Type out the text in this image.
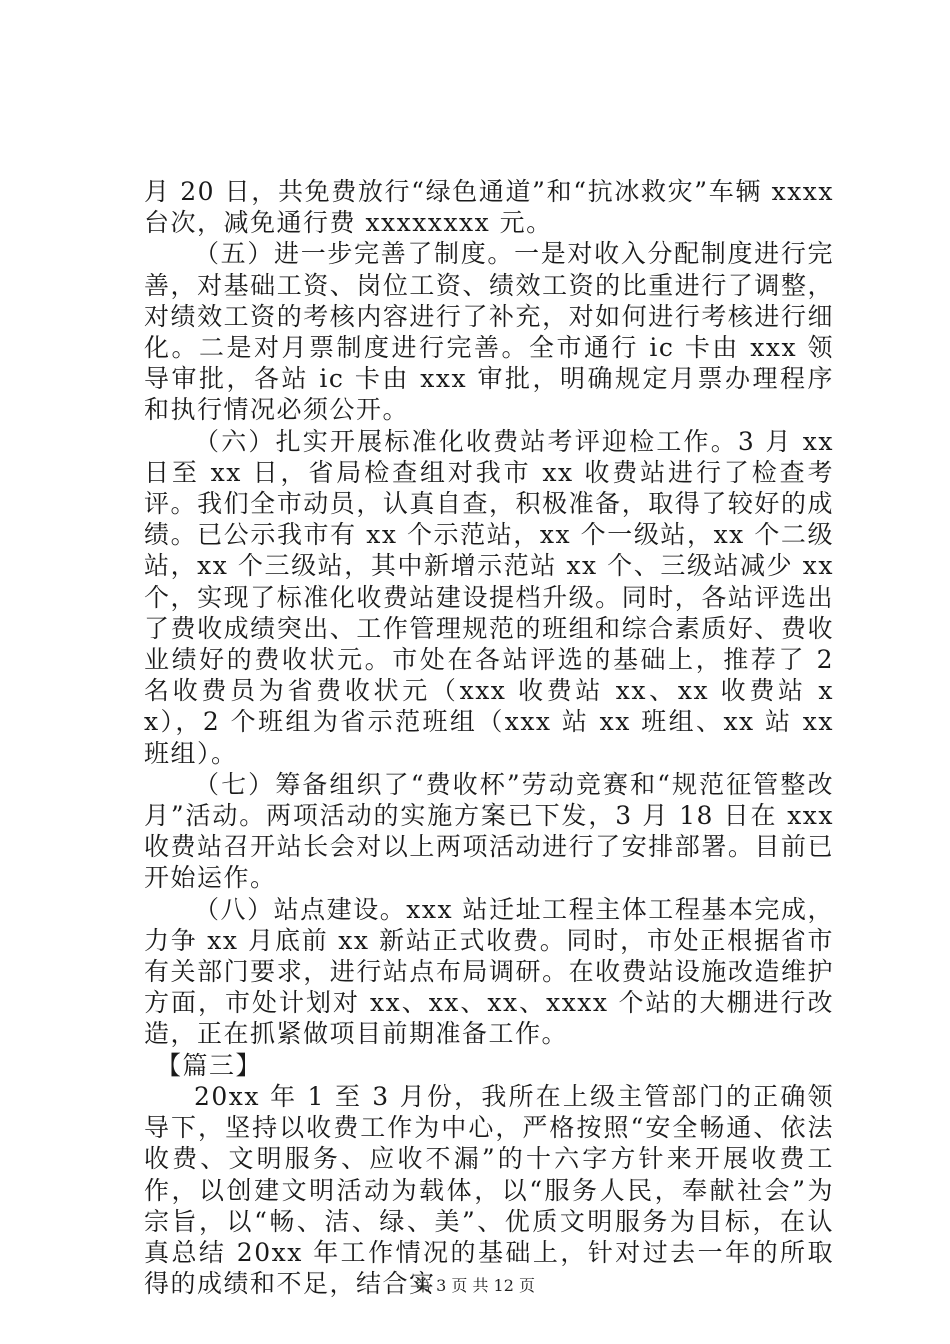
月 20 日，共免费放行“绿色通道”和“抗冰救灾”车辆 xxxx 台次，减免通行费 xxxxxxxx 元。

（五）进一步完善了制度。一是对收入分配制度进行完善，对基础工资、岗位工资、绩效工资的比重进行了调整，对绩效工资的考核内容进行了补充，对如何进行考核进行细化。二是对月票制度进行完善。全市通行 ic 卡由 xxx 领导审批，各站 ic 卡由 xxx 审批，明确规定月票办理程序和执行情况必须公开。

（六）扎实开展标准化收费站考评迎检工作。3 月 xx 日至 xx 日，省局检查组对我市 xx 收费站进行了检查考评。我们全市动员，认真自查，积极准备，取得了较好的成绩。已公示我市有 xx 个示范站，xx 个一级站，xx 个二级站，xx 个三级站，其中新增示范站 xx 个、三级站减少 xx 个，实现了标准化收费站建设提档升级。同时，各站评选出了费收成绩突出、工作管理规范的班组和综合素质好、费收业绩好的费收状元。市处在各站评选的基础上，推荐了 2 名收费员为省费收状元（xxx 收费站 xx、xx 收费站 xx），2 个班组为省示范班组（xxx 站 xx 班组、xx 站 xx 班组）。

（七）筹备组织了“费收杯”劳动竞赛和“规范征管整改月”活动。两项活动的实施方案已下发，3 月 18 日在 xxx 收费站召开站长会对以上两项活动进行了安排部署。目前已开始运作。

（八）站点建设。xxx 站迁址工程主体工程基本完成，力争 xx 月底前 xx 新站正式收费。同时，市处正根据省市有关部门要求，进行站点布局调研。在收费站设施改造维护方面，市处计划对 xx、xx、xx、xxxx 个站的大棚进行改造，正在抓紧做项目前期准备工作。

【篇三】

20xx 年 1 至 3 月份，我所在上级主管部门的正确领导下，坚持以收费工作为中心，严格按照“安全畅通、依法收费、文明服务、应收不漏”的十六字方针来开展收费工作，以创建文明活动为载体，以“服务人民，奉献社会”为宗旨，以“畅、洁、绿、美”、优质文明服务为目标，在认真总结 20xx 年工作情况的基础上，针对过去一年的所取得的成绩和不足，结合实

第 3 页 共 12 页
